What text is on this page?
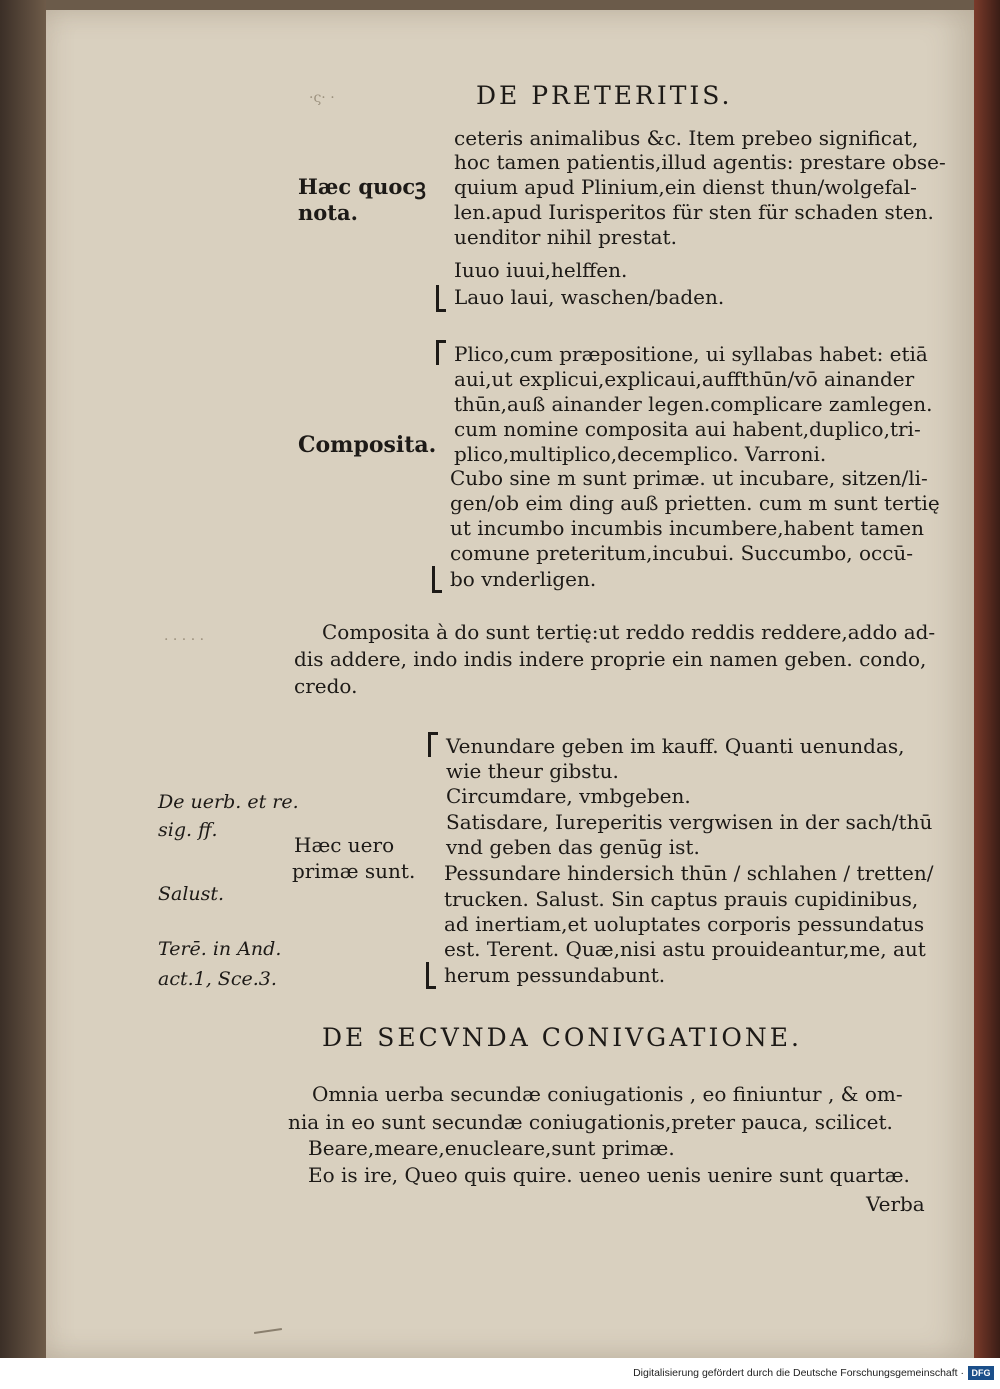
DE PRETERITIS.
·ς· ·
Hæc quocꝫ
nota.
ceteris animalibus &c. Item prebeo significat,
hoc tamen patientis,illud agentis: prestare obse-
quium apud Plinium,ein dienst thun/wolgefal-
len.apud Iurisperitos für sten für schaden sten.
uenditor nihil prestat.
Iuuo iuui,helffen.
Lauo laui, waschen/baden.
Composita.
Plico,cum præpositione, ui syllabas habet: etiā
aui,ut explicui,explicaui,auffthūn/vō ainander
thūn,auß ainander legen.complicare zamlegen.
cum nomine composita aui habent,duplico,tri-
plico,multiplico,decemplico. Varroni.
Cubo sine m sunt primæ. ut incubare, sitzen/li-
gen/ob eim ding auß prietten. cum m sunt tertię
ut incumbo incumbis incumbere,habent tamen
comune preteritum,incubui. Succumbo, occū-
bo vnderligen.
Composita à do sunt tertię:ut reddo reddis reddere,addo ad-
dis addere, indo indis indere proprie ein namen geben. condo,
credo.
· · · · ·
De uerb. et re.
sig. ff.
Salust.
Terē. in And.
act.1, Sce.3.
Hæc uero
primæ sunt.
Venundare geben im kauff. Quanti uenundas,
wie theur gibstu.
Circumdare, vmbgeben.
Satisdare, Iureperitis vergwisen in der sach/thū
vnd geben das genūg ist.
Pessundare hindersich thūn / schlahen / tretten/
trucken. Salust. Sin captus prauis cupidinibus,
ad inertiam,et uoluptates corporis pessundatus
est. Terent. Quæ,nisi astu prouideantur,me, aut
herum pessundabunt.
DE SECVNDA CONIVGATIONE.
Omnia uerba secundæ coniugationis , eo finiuntur , & om-
nia in eo sunt secundæ coniugationis,preter pauca, scilicet.
Beare,meare,enucleare,sunt primæ.
Eo is ire, Queo quis quire. ueneo uenis uenire sunt quartæ.
Verba
Digitalisierung gefördert durch die Deutsche Forschungsgemeinschaft · DFG
